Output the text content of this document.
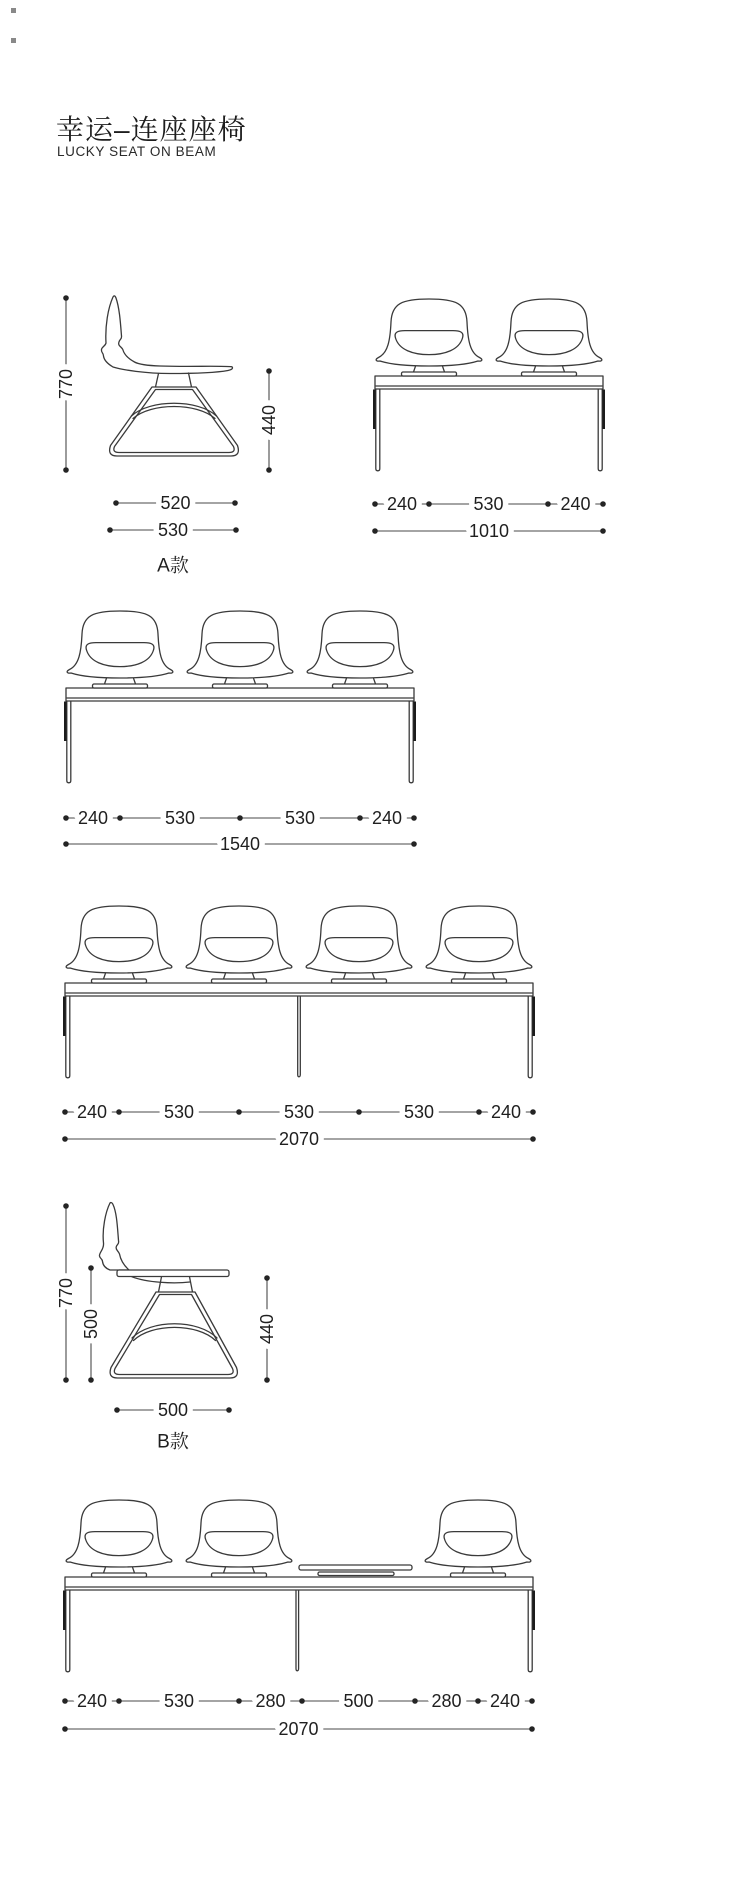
幸运–连座座椅
LUCKY SEAT ON BEAM
770
440
520
530
A款
240	530	240
1010
240	530	530	240
1540
240	530	530	530	240
2070
770
500	440
500
B款
240	530	280	500	280 240
2070
